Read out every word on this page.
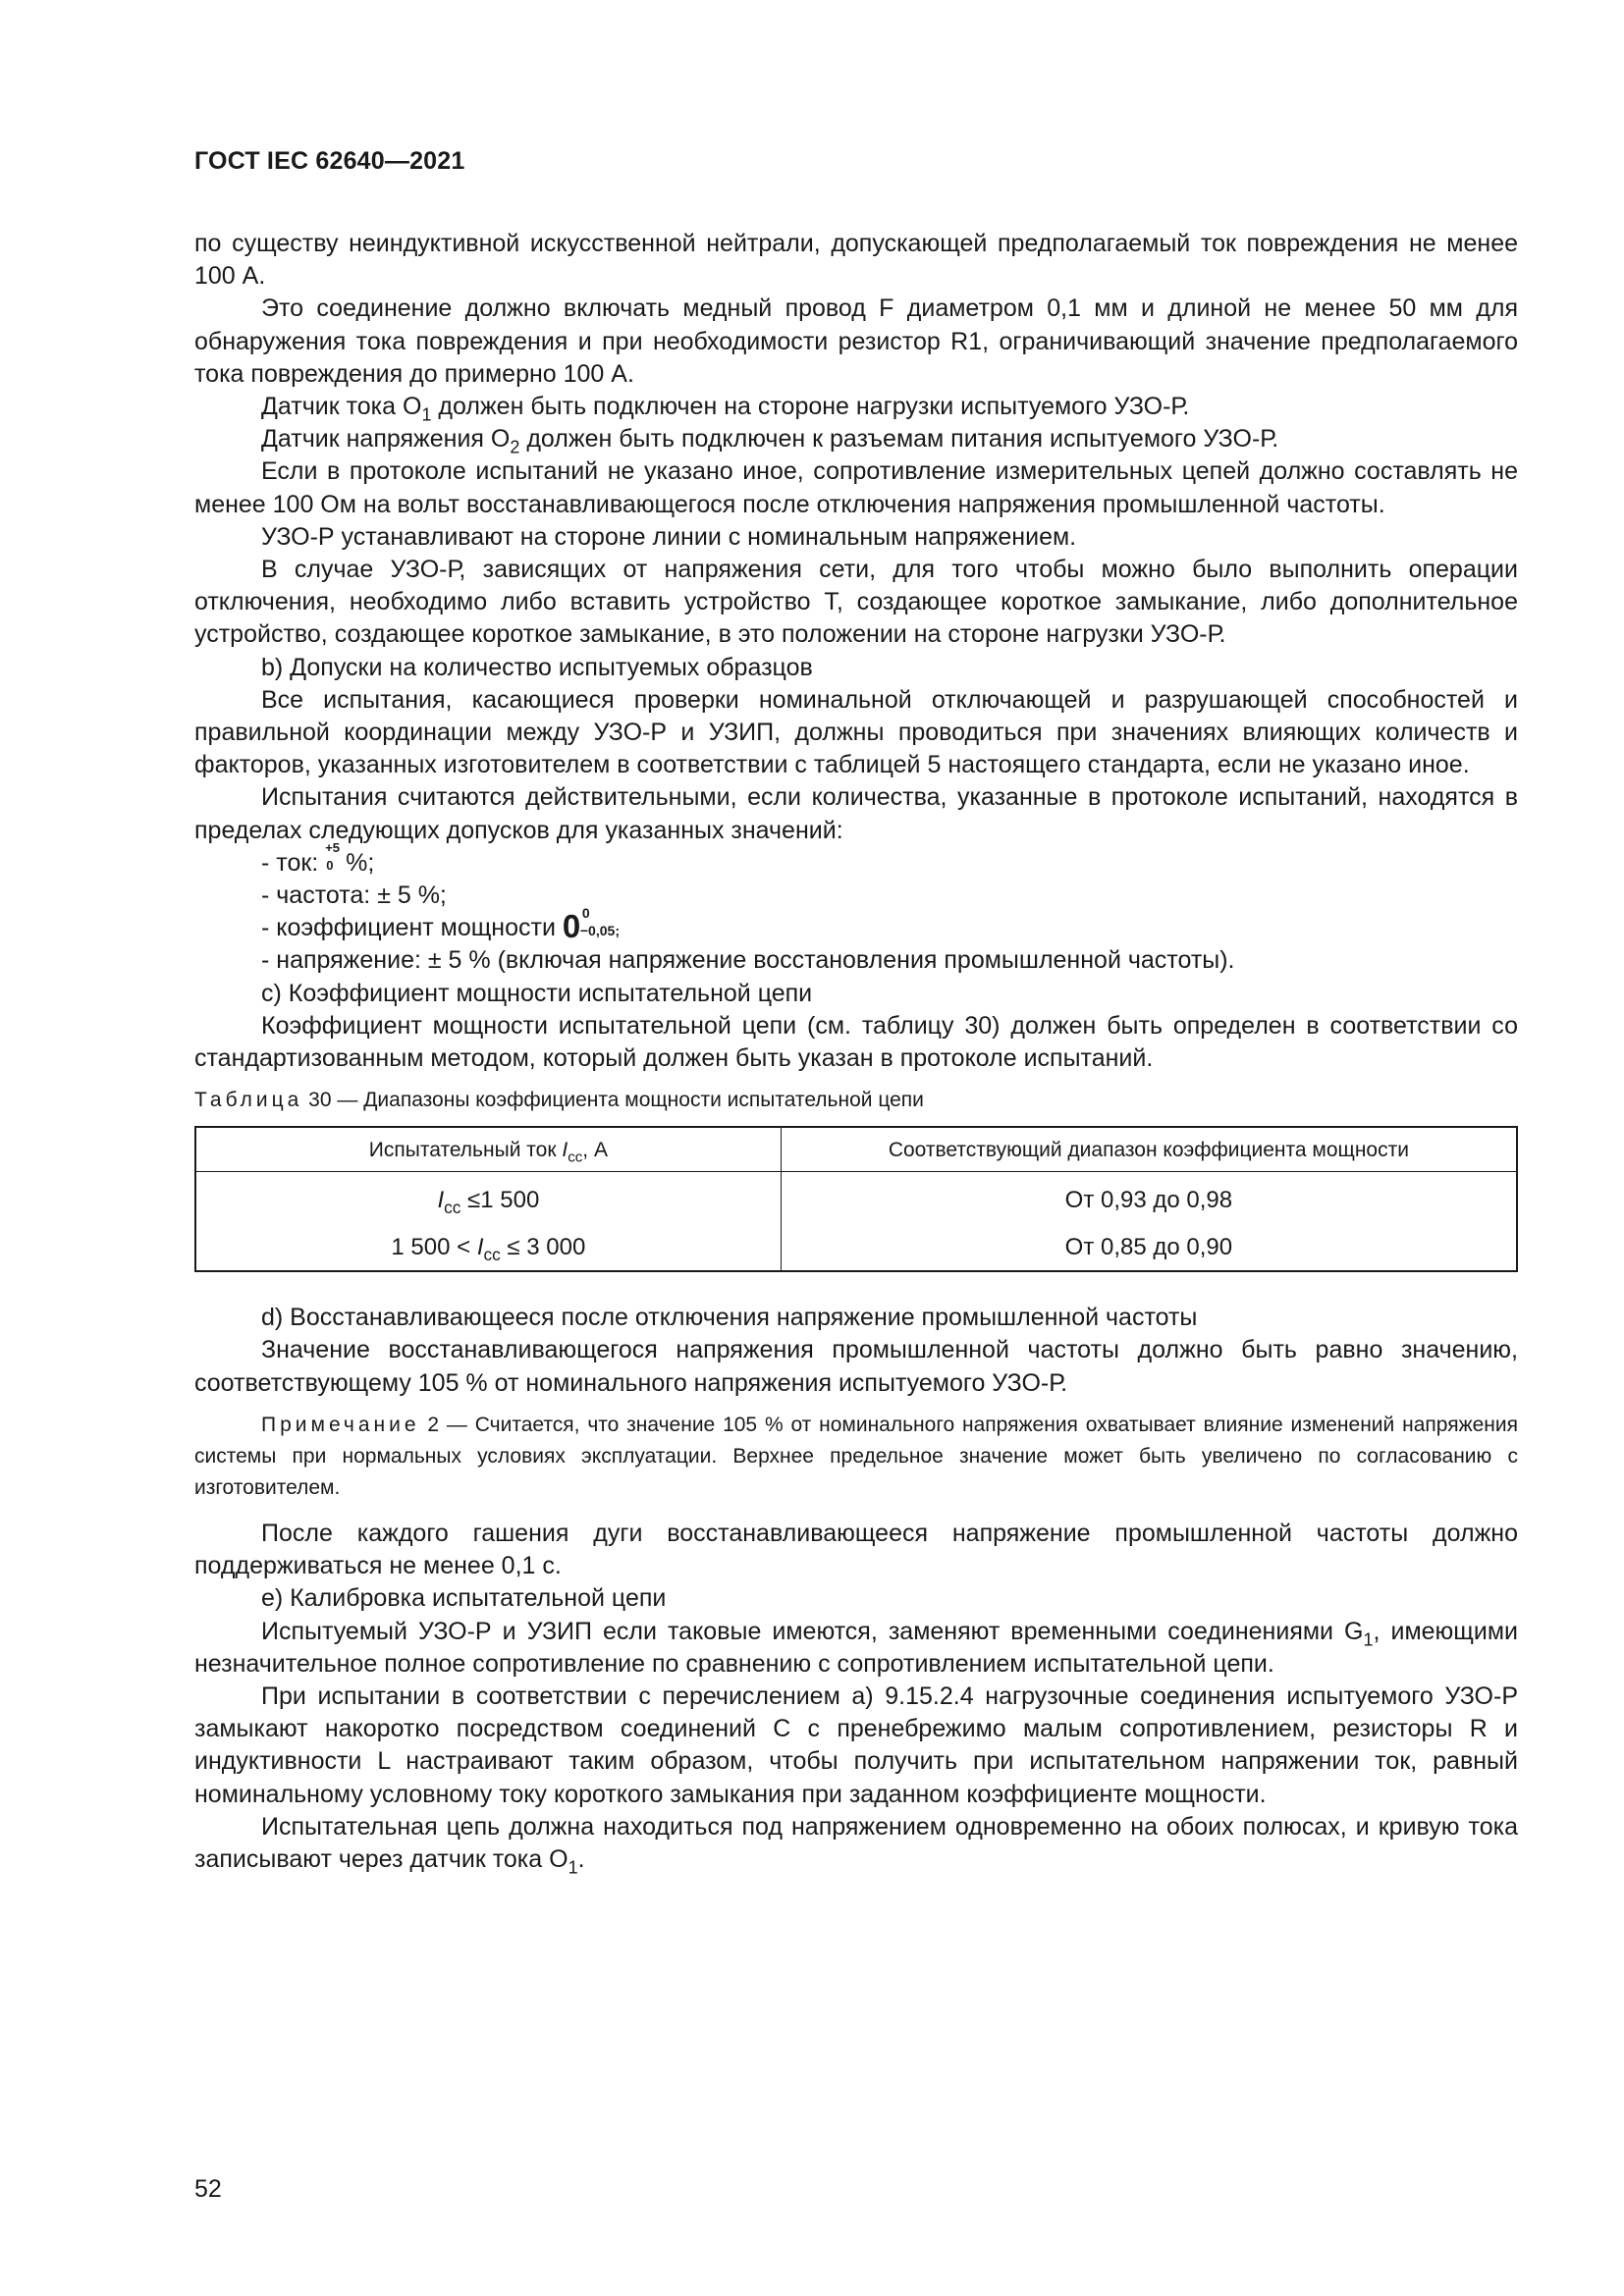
ГОСТ IEC 62640—2021

по существу неиндуктивной искусственной нейтрали, допускающей предполагаемый ток повреждения не менее 100 А.

Это соединение должно включать медный провод F диаметром 0,1 мм и длиной не менее 50 мм для обнаружения тока повреждения и при необходимости резистор R1, ограничивающий значение предполагаемого тока повреждения до примерно 100 А.

Датчик тока $O_1$ должен быть подключен на стороне нагрузки испытуемого УЗО-Р.

Датчик напряжения $O_2$ должен быть подключен к разъемам питания испытуемого УЗО-Р.

Если в протоколе испытаний не указано иное, сопротивление измерительных цепей должно составлять не менее 100 Ом на вольт восстанавливающегося после отключения напряжения промышленной частоты.

УЗО-Р устанавливают на стороне линии с номинальным напряжением.

В случае УЗО-Р, зависящих от напряжения сети, для того чтобы можно было выполнить операции отключения, необходимо либо вставить устройство Т, создающее короткое замыкание, либо дополнительное устройство, создающее короткое замыкание, в это положении на стороне нагрузки УЗО-Р.

b) Допуски на количество испытуемых образцов

Все испытания, касающиеся проверки номинальной отключающей и разрушающей способностей и правильной координации между УЗО-Р и УЗИП, должны проводиться при значениях влияющих количеств и факторов, указанных изготовителем в соответствии с таблицей 5 настоящего стандарта, если не указано иное.

Испытания считаются действительными, если количества, указанные в протоколе испытаний, находятся в пределах следующих допусков для указанных значений:

- ток:
+5
0 %;

- частота: ± 5 %;

- коэффициент мощности 0 0
−0,05;

- напряжение: ± 5 % (включая напряжение восстановления промышленной частоты).

c) Коэффициент мощности испытательной цепи

Коэффициент мощности испытательной цепи (см. таблицу 30) должен быть определен в соответствии со стандартизованным методом, который должен быть указан в протоколе испытаний.

Таблица 30 — Диапазоны коэффициента мощности испытательной цепи

Испытательный ток $I_{cc}$, А	Соответствующий диапазон коэффициента мощности
$I_{cc} \le 1$ 500	От 0,93 до 0,98
1 $500 < I_{cc} \le 3$ 000	От 0,85 до 0,90

d) Восстанавливающееся после отключения напряжение промышленной частоты

Значение восстанавливающегося напряжения промышленной частоты должно быть равно значению, соответствующему 105 % от номинального напряжения испытуемого УЗО-Р.

Примечание 2 — Считается, что значение 105 % от номинального напряжения охватывает влияние изменений напряжения системы при нормальных условиях эксплуатации. Верхнее предельное значение может быть увеличено по согласованию с изготовителем.

После каждого гашения дуги восстанавливающееся напряжение промышленной частоты должно поддерживаться не менее 0,1 с.

e) Калибровка испытательной цепи

Испытуемый УЗО-Р и УЗИП если таковые имеются, заменяют временными соединениями $G_1$, имеющими незначительное полное сопротивление по сравнению с сопротивлением испытательной цепи.

При испытании в соответствии с перечислением а) 9.15.2.4 нагрузочные соединения испытуемого УЗО-Р замыкают накоротко посредством соединений С с пренебрежимо малым сопротивлением, резисторы R и индуктивности L настраивают таким образом, чтобы получить при испытательном напряжении ток, равный номинальному условному току короткого замыкания при заданном коэффициенте мощности.

Испытательная цепь должна находиться под напряжением одновременно на обоих полюсах, и кривую тока записывают через датчик тока $O_1$.

52
